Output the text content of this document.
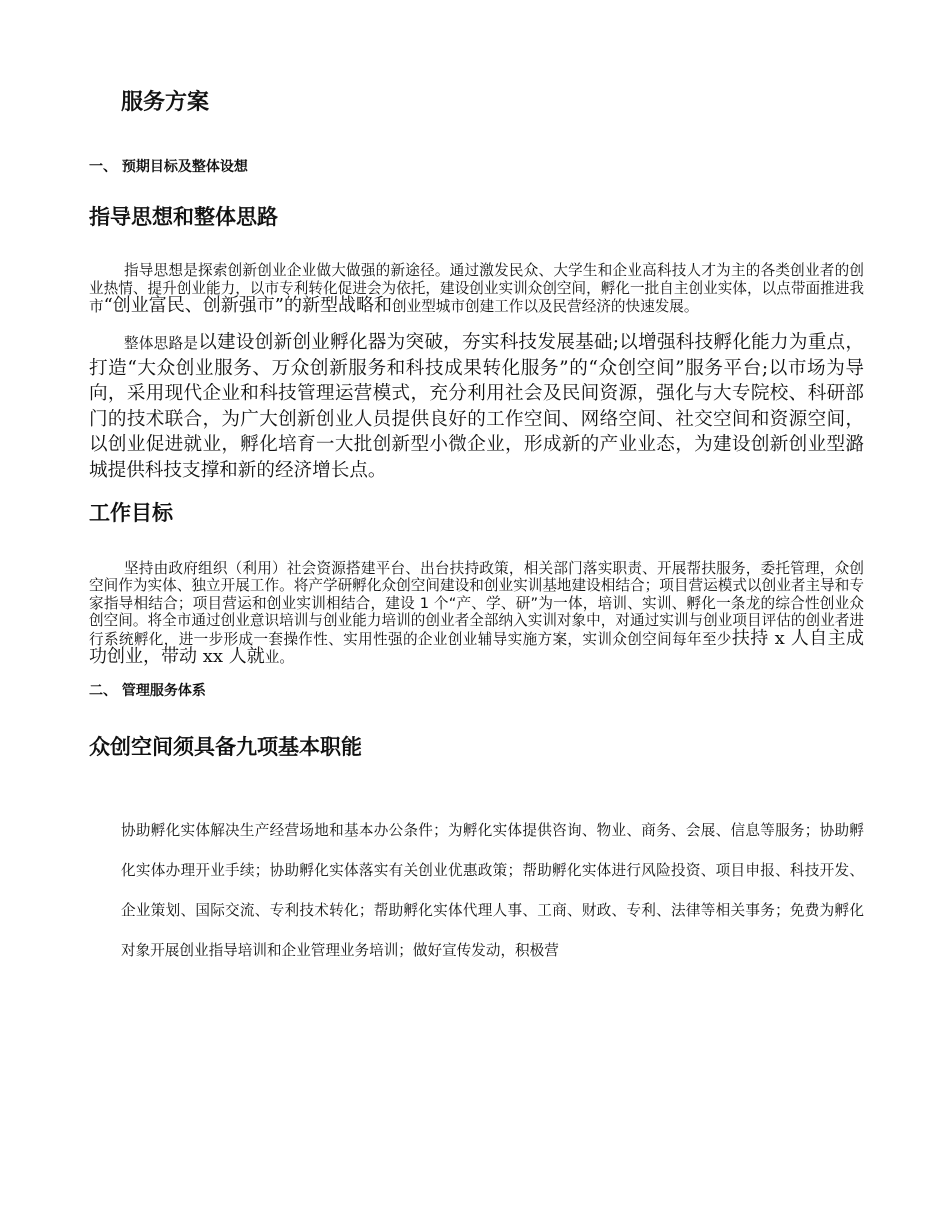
服务方案
一、 预期目标及整体设想
指导思想和整体思路

指导思想是探索创新创业企业做大做强的新途径。通过激发民众、大学生和企业高科技人才为主的各类创业者的创业热情、提升创业能力，以市专利转化促进会为依托，建设创业实训众创空间，孵化一批自主创业实体，以点带面推进我市“创业富民、创新强市”的新型战略和创业型城市创建工作以及民营经济的快速发展。

整体思路是以建设创新创业孵化器为突破，夯实科技发展基础;以增强科技孵化能力为重点，打造“大众创业服务、万众创新服务和科技成果转化服务”的“众创空间”服务平台;以市场为导向，采用现代企业和科技管理运营模式，充分利用社会及民间资源，强化与大专院校、科研部门的技术联合，为广大创新创业人员提供良好的工作空间、网络空间、社交空间和资源空间，以创业促进就业，孵化培育一大批创新型小微企业，形成新的产业业态，为建设创新创业型潞城提供科技支撑和新的经济增长点。

工作目标

坚持由政府组织（利用）社会资源搭建平台、出台扶持政策，相关部门落实职责、开展帮扶服务，委托管理，众创空间作为实体、独立开展工作。将产学研孵化众创空间建设和创业实训基地建设相结合；项目营运模式以创业者主导和专家指导相结合；项目营运和创业实训相结合，建设 1 个“产、学、研”为一体，培训、实训、孵化一条龙的综合性创业众创空间。将全市通过创业意识培训与创业能力培训的创业者全部纳入实训对象中，对通过实训与创业项目评估的创业者进行系统孵化，进一步形成一套操作性、实用性强的企业创业辅导实施方案，实训众创空间每年至少扶持 x 人自主成功创业，带动 xx 人就业。

二、 管理服务体系
众创空间须具备九项基本职能

协助孵化实体解决生产经营场地和基本办公条件；为孵化实体提供咨询、物业、商务、会展、信息等服务；协助孵化实体办理开业手续；协助孵化实体落实有关创业优惠政策；帮助孵化实体进行风险投资、项目申报、科技开发、企业策划、国际交流、专利技术转化；帮助孵化实体代理人事、工商、财政、专利、法律等相关事务；免费为孵化对象开展创业指导培训和企业管理业务培训；做好宣传发动，积极营
